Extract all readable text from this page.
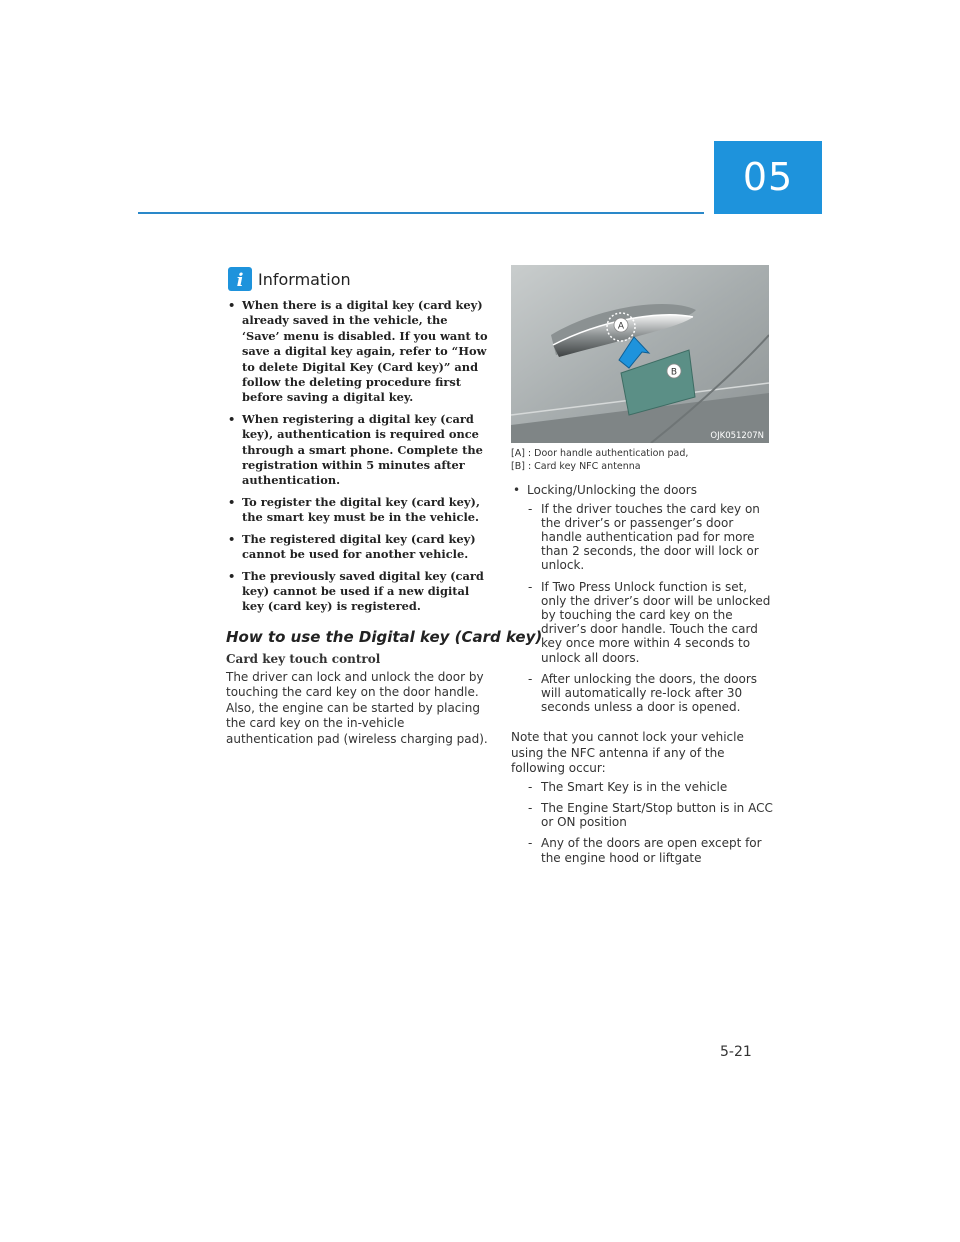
05
i Information
• When there is a digital key (card key) already saved in the vehicle, the ‘Save’ menu is disabled. If you want to save a digital key again, refer to “How to delete Digital Key (Card key)” and follow the deleting procedure first before saving a digital key.
• When registering a digital key (card key), authentication is required once through a smart phone. Complete the registration within 5 minutes after authentication.
• To register the digital key (card key), the smart key must be in the vehicle.
• The registered digital key (card key) cannot be used for another vehicle.
• The previously saved digital key (card key) cannot be used if a new digital key (card key) is registered.
How to use the Digital key (Card key)
Card key touch control
The driver can lock and unlock the door by touching the card key on the door handle. Also, the engine can be started by placing the card key on the in-vehicle authentication pad (wireless charging pad).
A
B
OJK051207N
[A] : Door handle authentication pad,
[B] : Card key NFC antenna
• Locking/Unlocking the doors
- If the driver touches the card key on the driver’s or passenger’s door handle authentication pad for more than 2 seconds, the door will lock or unlock.
- If Two Press Unlock function is set, only the driver’s door will be unlocked by touching the card key on the driver’s door handle. Touch the card key once more within 4 seconds to unlock all doors.
- After unlocking the doors, the doors will automatically re-lock after 30 seconds unless a door is opened.
Note that you cannot lock your vehicle using the NFC antenna if any of the following occur:
- The Smart Key is in the vehicle
- The Engine Start/Stop button is in ACC or ON position
- Any of the doors are open except for the engine hood or liftgate
5-21
